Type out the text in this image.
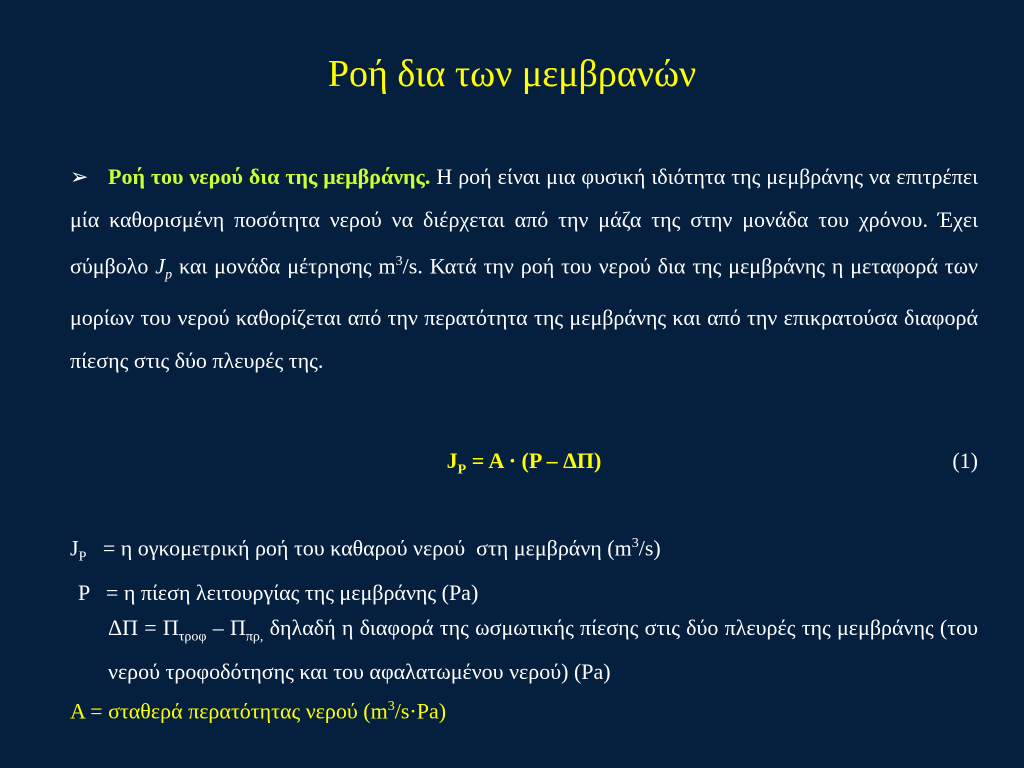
Ροή δια των μεμβρανών
➢ Ροή του νερού δια της μεμβράνης. Η ροή είναι μια φυσική ιδιότητα της μεμβράνης να επιτρέπει μία καθορισμένη ποσότητα νερού να διέρχεται από την μάζα της στην μονάδα του χρόνου. Έχει σύμβολο $J_p$ και μονάδα μέτρησης $m^3/s$. Κατά την ροή του νερού δια της μεμβράνης η μεταφορά των μορίων του νερού καθορίζεται από την περατότητα της μεμβράνης και από την επικρατούσα διαφορά πίεσης στις δύο πλευρές της.
$J_P = A \cdot (P - \Delta\Pi)$	(1)
$J_P = \eta$ ογκομετρική ροή του καθαρού νερού  στη μεμβράνη $(m^3/s)$
P   = η πίεση λειτουργίας της μεμβράνης (Pa)
$\Delta\Pi = \Pi_{\tau\rho o\varphi} - \Pi_{\pi\rho,}$ δηλαδή η διαφορά της ωσμωτικής πίεσης στις δύο πλευρές της μεμβράνης (του νερού τροφοδότησης και του αφαλατωμένου νερού) (Pa)
A = σταθερά περατότητας νερού $(m^3/s\cdot Pa)$
